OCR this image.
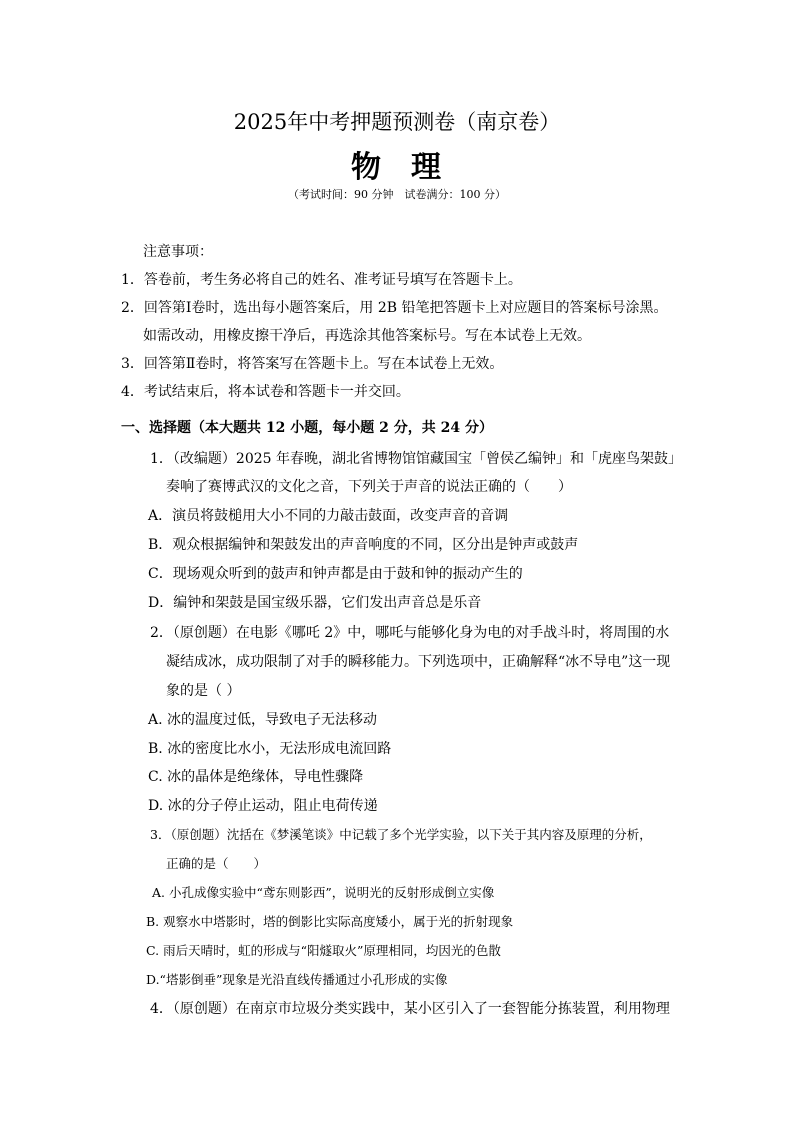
2025年中考押题预测卷（南京卷）
物 理
（考试时间：90 分钟　试卷满分：100 分）
注意事项：
1．答卷前，考生务必将自己的姓名、准考证号填写在答题卡上。
2．回答第Ⅰ卷时，选出每小题答案后，用 2B 铅笔把答题卡上对应题目的答案标号涂黑。
如需改动，用橡皮擦干净后，再选涂其他答案标号。写在本试卷上无效。
3．回答第Ⅱ卷时，将答案写在答题卡上。写在本试卷上无效。
4．考试结束后，将本试卷和答题卡一并交回。
一、选择题（本大题共 12 小题，每小题 2 分，共 24 分）
1．（改编题）2025 年春晚，湖北省博物馆馆藏国宝「曾侯乙编钟」和「虎座鸟架鼓」
奏响了赛博武汉的文化之音，下列关于声音的说法正确的（　　）
A．演员将鼓槌用大小不同的力敲击鼓面，改变声音的音调
B．观众根据编钟和架鼓发出的声音响度的不同，区分出是钟声或鼓声
C．现场观众听到的鼓声和钟声都是由于鼓和钟的振动产生的
D．编钟和架鼓是国宝级乐器，它们发出声音总是乐音
2．（原创题）在电影《哪吒 2》中，哪吒与能够化身为电的对手战斗时，将周围的水
凝结成冰，成功限制了对手的瞬移能力。下列选项中，正确解释“冰不导电”这一现
象的是（ ）
A. 冰的温度过低，导致电子无法移动
B. 冰的密度比水小，无法形成电流回路
C. 冰的晶体是绝缘体，导电性骤降
D. 冰的分子停止运动，阻止电荷传递
3．（原创题）沈括在《梦溪笔谈》中记载了多个光学实验，以下关于其内容及原理的分析，
正确的是（　　）
A. 小孔成像实验中“鸢东则影西”，说明光的反射形成倒立实像
B. 观察水中塔影时，塔的倒影比实际高度矮小，属于光的折射现象
C. 雨后天晴时，虹的形成与“阳燧取火”原理相同，均因光的色散
D.“塔影倒垂”现象是光沿直线传播通过小孔形成的实像
4．（原创题）在南京市垃圾分类实践中，某小区引入了一套智能分拣装置，利用物理
